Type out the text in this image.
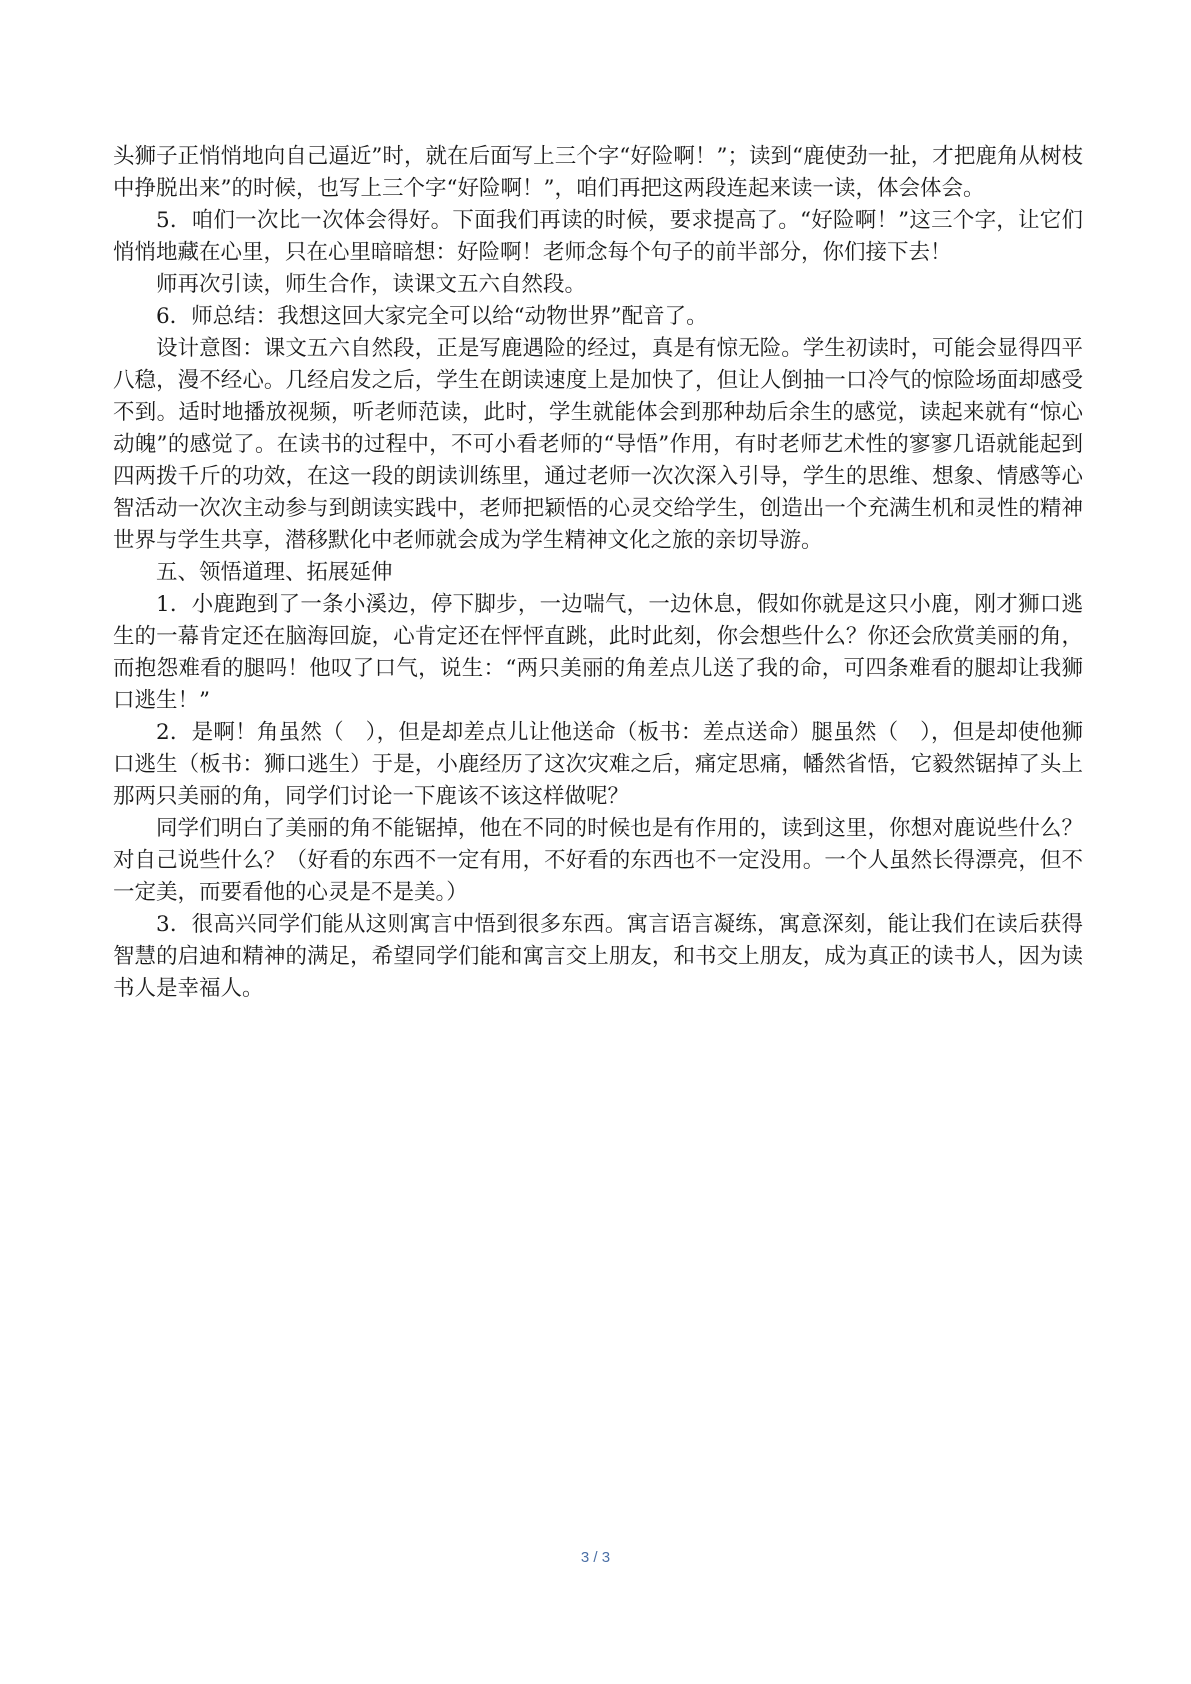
头狮子正悄悄地向自己逼近”时，就在后面写上三个字“好险啊！”；读到“鹿使劲一扯，才把鹿角从树枝中挣脱出来”的时候，也写上三个字“好险啊！”，咱们再把这两段连起来读一读，体会体会。

5．咱们一次比一次体会得好。下面我们再读的时候，要求提高了。“好险啊！”这三个字，让它们悄悄地藏在心里，只在心里暗暗想：好险啊！老师念每个句子的前半部分，你们接下去！

师再次引读，师生合作，读课文五六自然段。

6．师总结：我想这回大家完全可以给“动物世界”配音了。

设计意图：课文五六自然段，正是写鹿遇险的经过，真是有惊无险。学生初读时，可能会显得四平八稳，漫不经心。几经启发之后，学生在朗读速度上是加快了，但让人倒抽一口冷气的惊险场面却感受不到。适时地播放视频，听老师范读，此时，学生就能体会到那种劫后余生的感觉，读起来就有“惊心动魄”的感觉了。在读书的过程中，不可小看老师的“导悟”作用，有时老师艺术性的寥寥几语就能起到四两拨千斤的功效，在这一段的朗读训练里，通过老师一次次深入引导，学生的思维、想象、情感等心智活动一次次主动参与到朗读实践中，老师把颖悟的心灵交给学生，创造出一个充满生机和灵性的精神世界与学生共享，潜移默化中老师就会成为学生精神文化之旅的亲切导游。

五、领悟道理、拓展延伸

1．小鹿跑到了一条小溪边，停下脚步，一边喘气，一边休息，假如你就是这只小鹿，刚才狮口逃生的一幕肯定还在脑海回旋，心肯定还在怦怦直跳，此时此刻，你会想些什么？你还会欣赏美丽的角，而抱怨难看的腿吗！他叹了口气，说生：“两只美丽的角差点儿送了我的命，可四条难看的腿却让我狮口逃生！”

2．是啊！角虽然（　），但是却差点儿让他送命（板书：差点送命）腿虽然（　），但是却使他狮口逃生（板书：狮口逃生）于是，小鹿经历了这次灾难之后，痛定思痛，幡然省悟，它毅然锯掉了头上那两只美丽的角，同学们讨论一下鹿该不该这样做呢？

同学们明白了美丽的角不能锯掉，他在不同的时候也是有作用的，读到这里，你想对鹿说些什么？对自己说些什么？（好看的东西不一定有用，不好看的东西也不一定没用。一个人虽然长得漂亮，但不一定美，而要看他的心灵是不是美。）

3．很高兴同学们能从这则寓言中悟到很多东西。寓言语言凝练，寓意深刻，能让我们在读后获得智慧的启迪和精神的满足，希望同学们能和寓言交上朋友，和书交上朋友，成为真正的读书人，因为读书人是幸福人。

3 / 3
